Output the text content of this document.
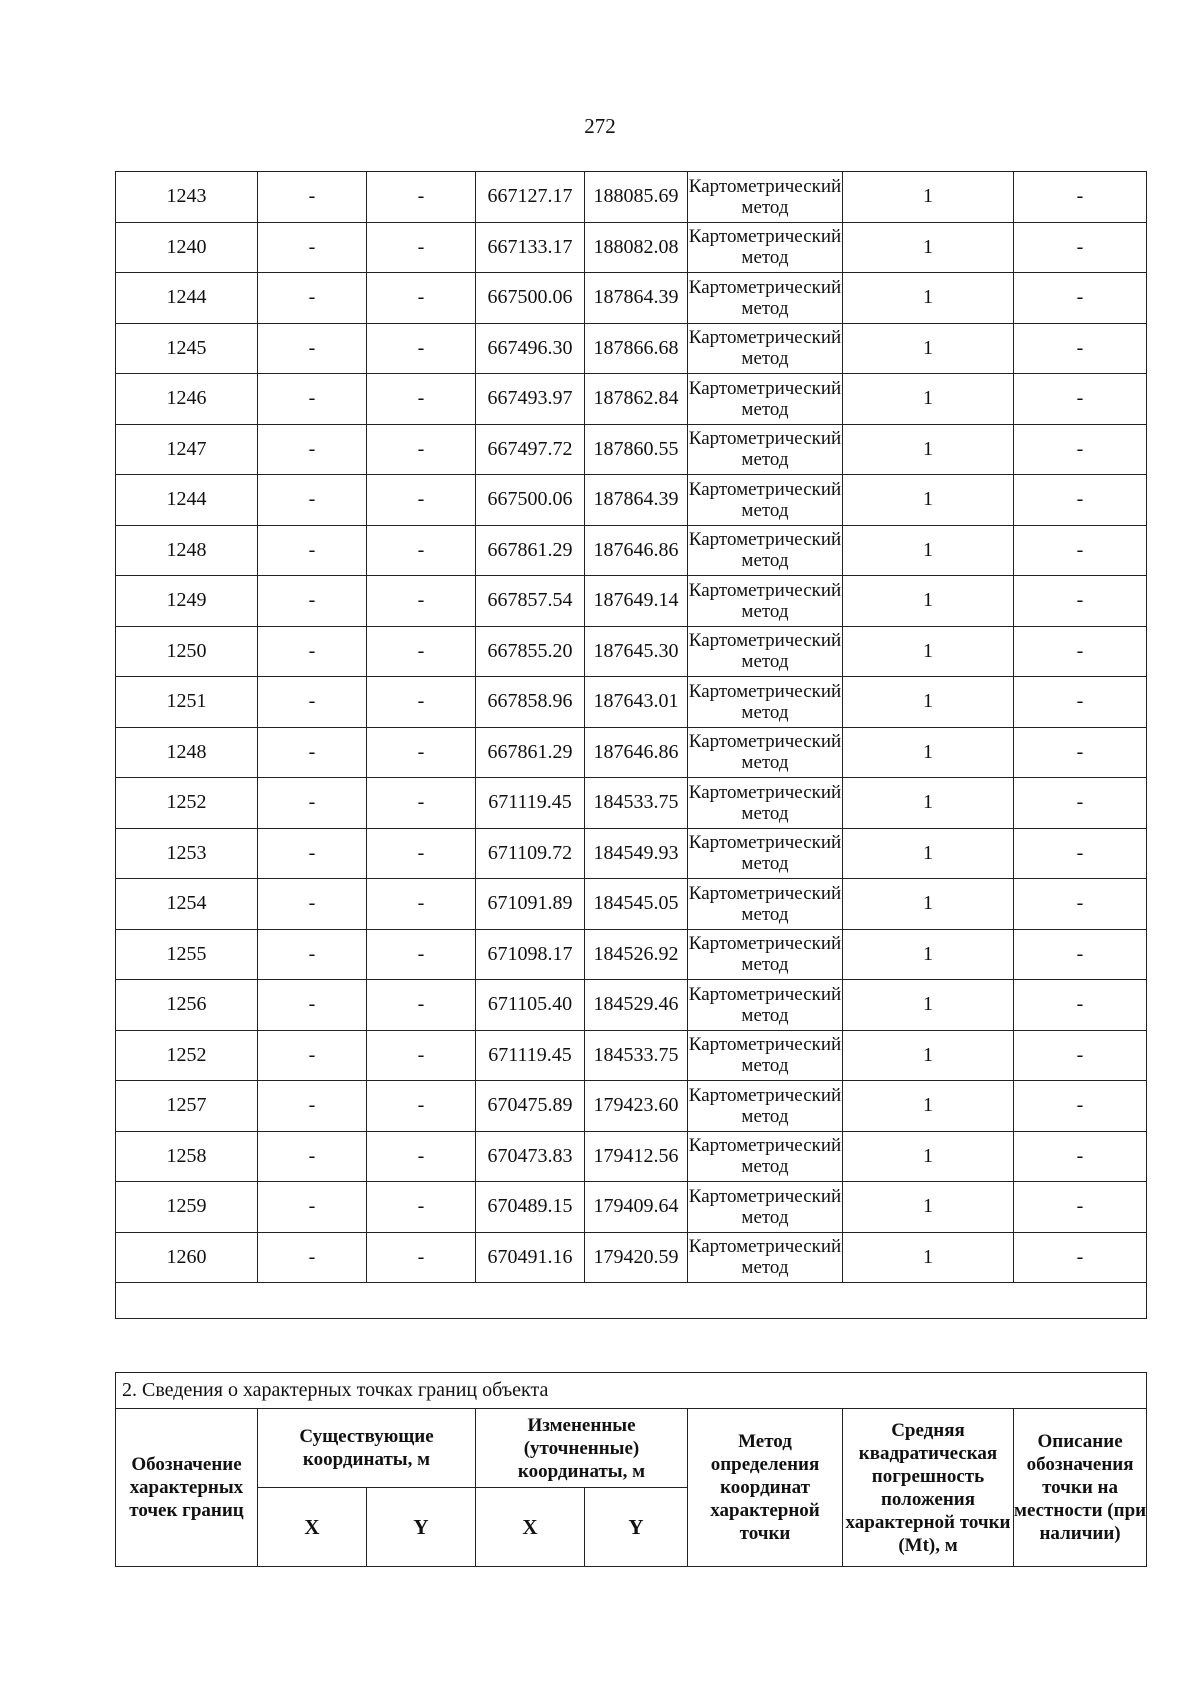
272
1243	-	-	667127.17	188085.69	Картометрический метод	1	-
1240	-	-	667133.17	188082.08	Картометрический метод	1	-
1244	-	-	667500.06	187864.39	Картометрический метод	1	-
1245	-	-	667496.30	187866.68	Картометрический метод	1	-
1246	-	-	667493.97	187862.84	Картометрический метод	1	-
1247	-	-	667497.72	187860.55	Картометрический метод	1	-
1244	-	-	667500.06	187864.39	Картометрический метод	1	-
1248	-	-	667861.29	187646.86	Картометрический метод	1	-
1249	-	-	667857.54	187649.14	Картометрический метод	1	-
1250	-	-	667855.20	187645.30	Картометрический метод	1	-
1251	-	-	667858.96	187643.01	Картометрический метод	1	-
1248	-	-	667861.29	187646.86	Картометрический метод	1	-
1252	-	-	671119.45	184533.75	Картометрический метод	1	-
1253	-	-	671109.72	184549.93	Картометрический метод	1	-
1254	-	-	671091.89	184545.05	Картометрический метод	1	-
1255	-	-	671098.17	184526.92	Картометрический метод	1	-
1256	-	-	671105.40	184529.46	Картометрический метод	1	-
1252	-	-	671119.45	184533.75	Картометрический метод	1	-
1257	-	-	670475.89	179423.60	Картометрический метод	1	-
1258	-	-	670473.83	179412.56	Картометрический метод	1	-
1259	-	-	670489.15	179409.64	Картометрический метод	1	-
1260	-	-	670491.16	179420.59	Картометрический метод	1	-

2. Сведения о характерных точках границ объекта							
Обозначение характерных точек границ	Существующие координаты, м		Измененные (уточненные) координаты, м		Метод определения координат характерной точки	Средняя квадратическая погрешность положения характерной точки (Mt), м	Описание обозначения точки на местности (при наличии)
	X	Y	X	Y			
